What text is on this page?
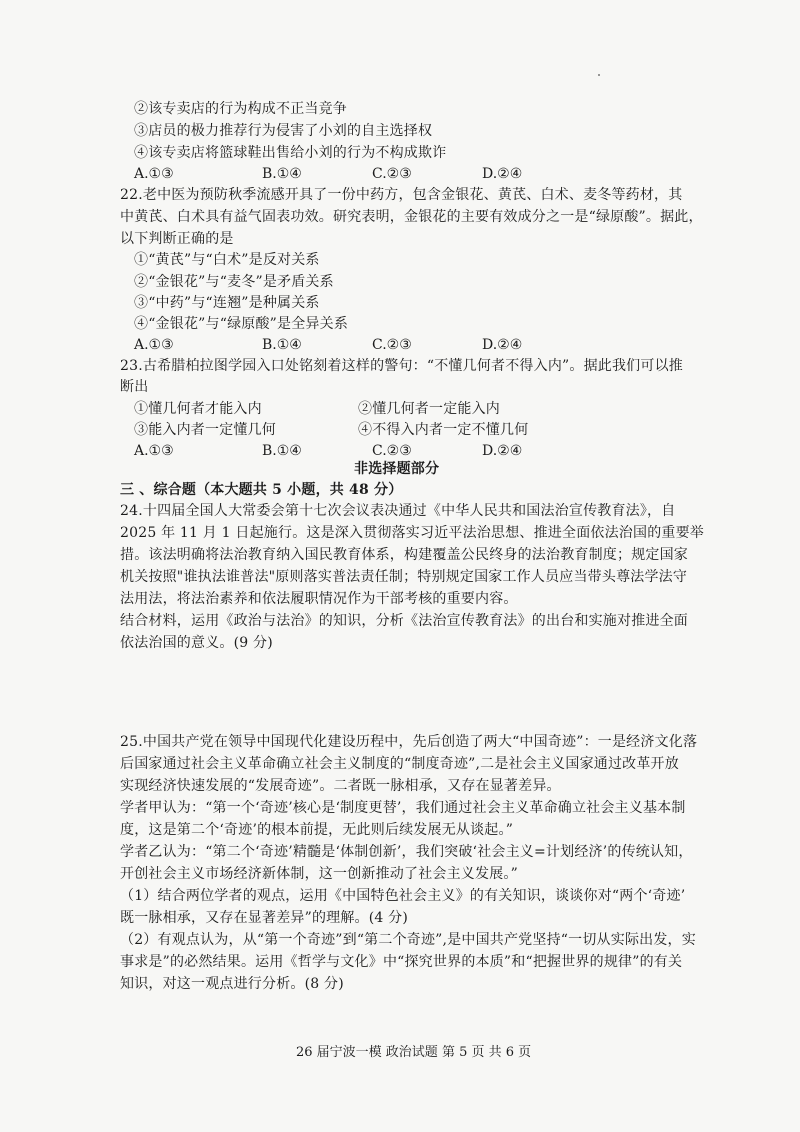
②该专卖店的行为构成不正当竞争
③店员的极力推荐行为侵害了小刘的自主选择权
④该专卖店将篮球鞋出售给小刘的行为不构成欺诈
A.①③	B.①④	C.②③	D.②④
22.老中医为预防秋季流感开具了一份中药方，包含金银花、黄芪、白术、麦冬等药材，其
中黄芪、白术具有益气固表功效。研究表明，金银花的主要有效成分之一是“绿原酸”。据此，
以下判断正确的是
①“黄芪”与“白术”是反对关系
②“金银花”与“麦冬”是矛盾关系
③“中药”与“连翘”是种属关系
④“金银花”与“绿原酸”是全异关系
A.①③	B.①④	C.②③	D.②④
23.古希腊柏拉图学园入口处铭刻着这样的警句：“不懂几何者不得入内”。据此我们可以推
断出
①懂几何者才能入内	②懂几何者一定能入内
③能入内者一定懂几何	④不得入内者一定不懂几何
A.①③	B.①④	C.②③	D.②④
非选择题部分
三 、综合题（本大题共 5 小题，共 48 分）
24.十四届全国人大常委会第十七次会议表决通过《中华人民共和国法治宣传教育法》，自
2025 年 11 月 1 日起施行。这是深入贯彻落实习近平法治思想、推进全面依法治国的重要举
措。该法明确将法治教育纳入国民教育体系，构建覆盖公民终身的法治教育制度；规定国家
机关按照"谁执法谁普法"原则落实普法责任制；特别规定国家工作人员应当带头尊法学法守
法用法，将法治素养和依法履职情况作为干部考核的重要内容。
结合材料，运用《政治与法治》的知识，分析《法治宣传教育法》的出台和实施对推进全面
依法治国的意义。(9 分)
25.中国共产党在领导中国现代化建设历程中，先后创造了两大“中国奇迹”：一是经济文化落
后国家通过社会主义革命确立社会主义制度的“制度奇迹”,二是社会主义国家通过改革开放
实现经济快速发展的“发展奇迹”。二者既一脉相承，又存在显著差异。
学者甲认为：“第一个‘奇迹’核心是‘制度更替’，我们通过社会主义革命确立社会主义基本制
度，这是第二个‘奇迹’的根本前提，无此则后续发展无从谈起。”
学者乙认为：“第二个‘奇迹’精髓是‘体制创新’，我们突破‘社会主义=计划经济’的传统认知，
开创社会主义市场经济新体制，这一创新推动了社会主义发展。”
（1）结合两位学者的观点，运用《中国特色社会主义》的有关知识，谈谈你对“两个‘奇迹’
既一脉相承，又存在显著差异”的理解。(4 分)
（2）有观点认为，从“第一个奇迹”到“第二个奇迹”,是中国共产党坚持“一切从实际出发，实
事求是”的必然结果。运用《哲学与文化》中“探究世界的本质”和“把握世界的规律”的有关
知识，对这一观点进行分析。(8 分)
26 届宁波一模 政治试题 第 5 页 共 6 页
